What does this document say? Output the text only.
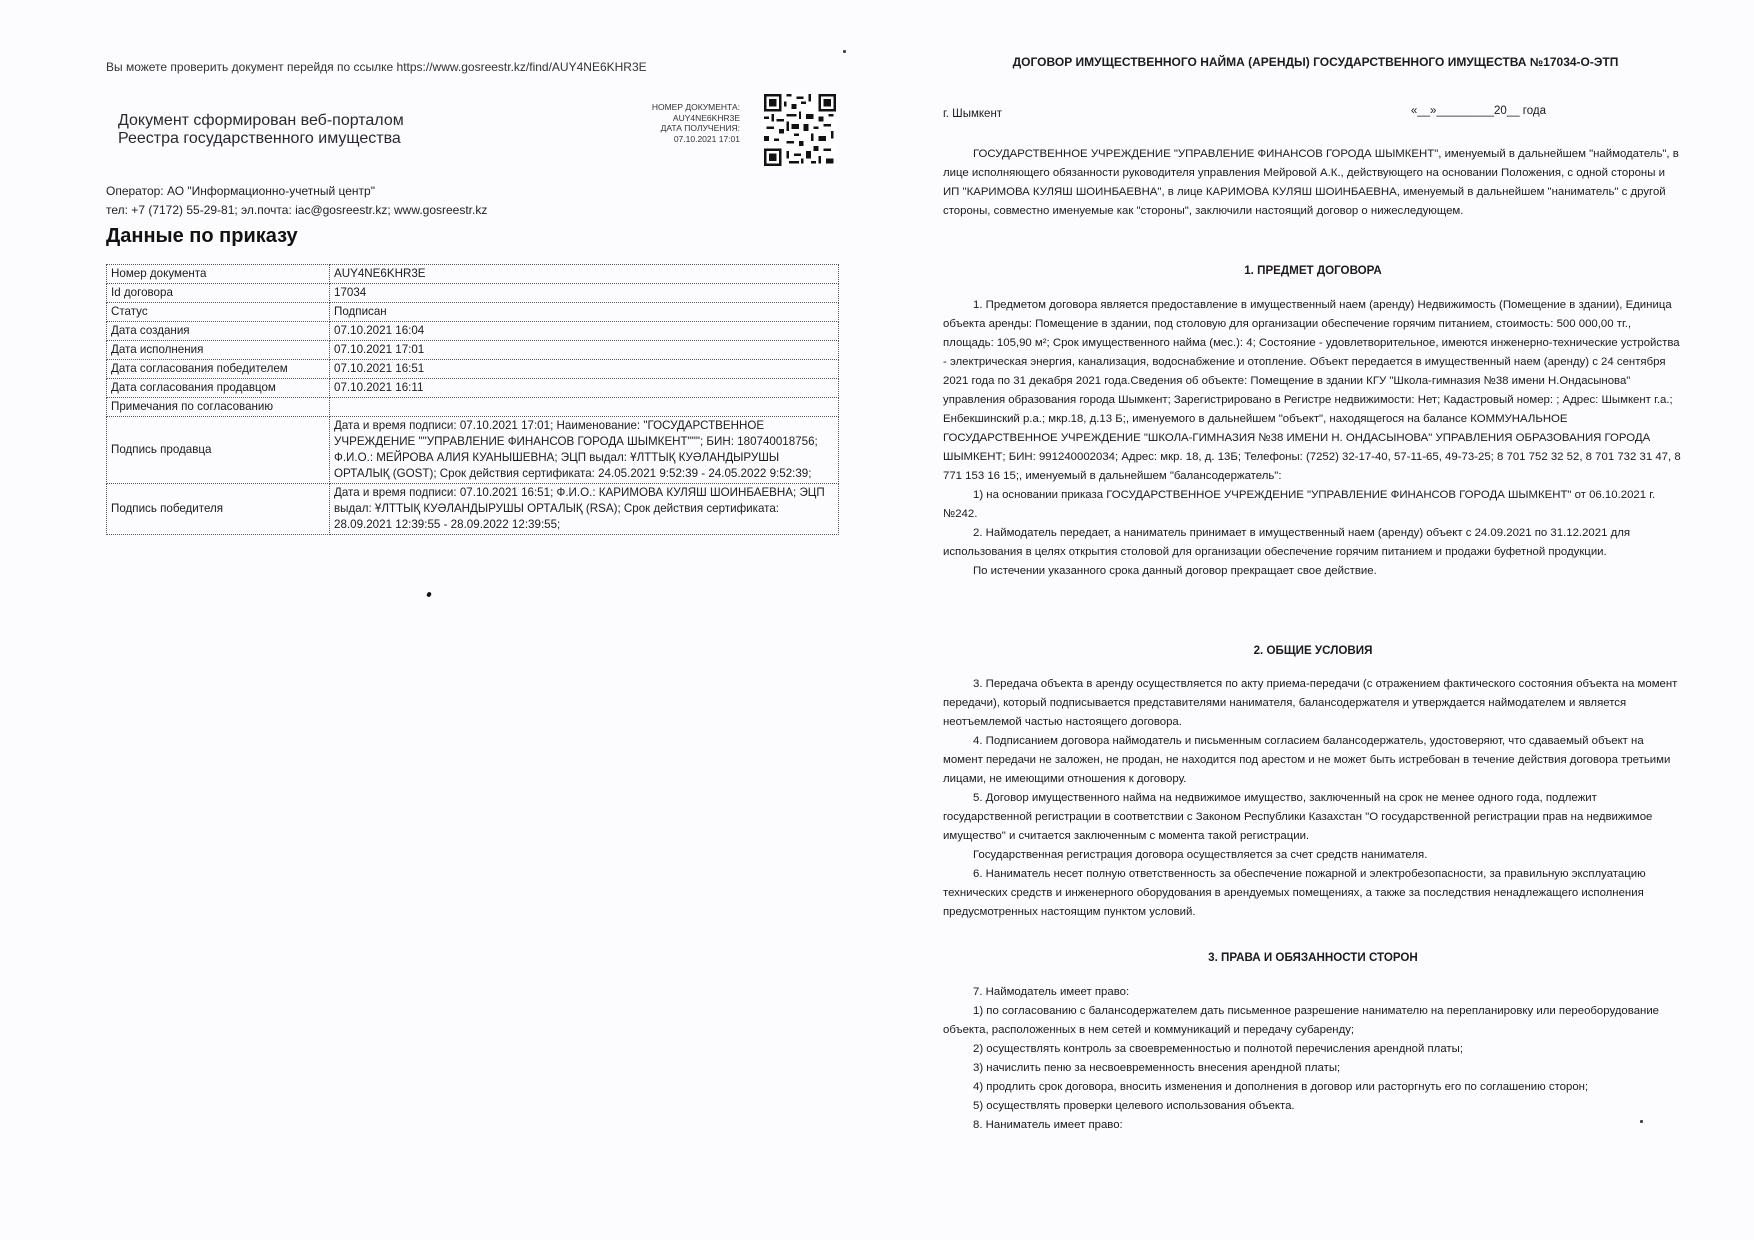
Вы можете проверить документ перейдя по ссылке https://www.gosreestr.kz/find/AUY4NE6KHR3E
Документ сформирован веб-порталом
Реестра государственного имущества
НОМЕР ДОКУМЕНТА:
AUY4NE6KHR3E
ДАТА ПОЛУЧЕНИЯ:
07.10.2021 17:01
Оператор: АО "Информационно-учетный центр"
тел: +7 (7172) 55-29-81; эл.почта: iac@gosreestr.kz; www.gosreestr.kz
Данные по приказу
Номер документа	AUY4NE6KHR3E
Id договора	17034
Статус	Подписан
Дата создания	07.10.2021 16:04
Дата исполнения	07.10.2021 17:01
Дата согласования победителем	07.10.2021 16:51
Дата согласования продавцом	07.10.2021 16:11
Примечания по согласованию	
Подпись продавца	Дата и время подписи: 07.10.2021 17:01; Наименование: "ГОСУДАРСТВЕННОЕ УЧРЕЖДЕНИЕ ""УПРАВЛЕНИЕ ФИНАНСОВ ГОРОДА ШЫМКЕНТ"""; БИН: 180740018756; Ф.И.О.: МЕЙРОВА АЛИЯ КУАНЫШЕВНА; ЭЦП выдал: ҰЛТТЫҚ КУӘЛАНДЫРУШЫ ОРТАЛЫҚ (GOST); Срок действия сертификата: 24.05.2021 9:52:39 - 24.05.2022 9:52:39;
Подпись победителя	Дата и время подписи: 07.10.2021 16:51; Ф.И.О.: КАРИМОВА КУЛЯШ ШОИНБАЕВНА; ЭЦП выдал: ҰЛТТЫҚ КУӘЛАНДЫРУШЫ ОРТАЛЫҚ (RSA); Срок действия сертификата: 28.09.2021 12:39:55 - 28.09.2022 12:39:55;
ДОГОВОР ИМУЩЕСТВЕННОГО НАЙМА (АРЕНДЫ) ГОСУДАРСТВЕННОГО ИМУЩЕСТВА №17034-О-ЭТП
г. Шымкент	«__»_________20__ года

ГОСУДАРСТВЕННОЕ УЧРЕЖДЕНИЕ "УПРАВЛЕНИЕ ФИНАНСОВ ГОРОДА ШЫМКЕНТ", именуемый в дальнейшем "наймодатель", в лице исполняющего обязанности руководителя управления Мейровой А.К., действующего на основании Положения, с одной стороны и ИП "КАРИМОВА КУЛЯШ ШОИНБАЕВНА", в лице КАРИМОВА КУЛЯШ ШОИНБАЕВНА, именуемый в дальнейшем "наниматель" с другой стороны, совместно именуемые как "стороны", заключили настоящий договор о нижеследующем.

1. ПРЕДМЕТ ДОГОВОРА

1. Предметом договора является предоставление в имущественный наем (аренду) Недвижимость (Помещение в здании), Единица объекта аренды: Помещение в здании, под столовую для организации обеспечение горячим питанием, стоимость: 500 000,00 тг., площадь: 105,90 м²; Срок имущественного найма (мес.): 4; Состояние - удовлетворительное, имеются инженерно-технические устройства - электрическая энергия, канализация, водоснабжение и отопление. Объект передается в имущественный наем (аренду) с 24 сентября 2021 года по 31 декабря 2021 года.Сведения об объекте: Помещение в здании КГУ "Школа-гимназия №38 имени Н.Ондасынова" управления образования города Шымкент; Зарегистрировано в Регистре недвижимости: Нет; Кадастровый номер: ; Адрес: Шымкент г.а.; Енбекшинский р.а.; мкр.18, д.13 Б;, именуемого в дальнейшем "объект", находящегося на балансе КОММУНАЛЬНОЕ ГОСУДАРСТВЕННОЕ УЧРЕЖДЕНИЕ "ШКОЛА-ГИМНАЗИЯ №38 ИМЕНИ Н. ОНДАСЫНОВА" УПРАВЛЕНИЯ ОБРАЗОВАНИЯ ГОРОДА ШЫМКЕНТ; БИН: 991240002034; Адрес: мкр. 18, д. 13Б; Телефоны: (7252) 32-17-40, 57-11-65, 49-73-25; 8 701 752 32 52, 8 701 732 31 47, 8 771 153 16 15;, именуемый в дальнейшем "балансодержатель":

1) на основании приказа ГОСУДАРСТВЕННОЕ УЧРЕЖДЕНИЕ "УПРАВЛЕНИЕ ФИНАНСОВ ГОРОДА ШЫМКЕНТ" от 06.10.2021 г. №242.

2. Наймодатель передает, а наниматель принимает в имущественный наем (аренду) объект с 24.09.2021 по 31.12.2021 для использования в целях открытия столовой для организации обеспечение горячим питанием и продажи буфетной продукции.

По истечении указанного срока данный договор прекращает свое действие.

2. ОБЩИЕ УСЛОВИЯ

3. Передача объекта в аренду осуществляется по акту приема-передачи (с отражением фактического состояния объекта на момент передачи), который подписывается представителями нанимателя, балансодержателя и утверждается наймодателем и является неотъемлемой частью настоящего договора.

4. Подписанием договора наймодатель и письменным согласием балансодержатель, удостоверяют, что сдаваемый объект на момент передачи не заложен, не продан, не находится под арестом и не может быть истребован в течение действия договора третьими лицами, не имеющими отношения к договору.

5. Договор имущественного найма на недвижимое имущество, заключенный на срок не менее одного года, подлежит государственной регистрации в соответствии с Законом Республики Казахстан "О государственной регистрации прав на недвижимое имущество" и считается заключенным с момента такой регистрации.

Государственная регистрация договора осуществляется за счет средств нанимателя.

6. Наниматель несет полную ответственность за обеспечение пожарной и электробезопасности, за правильную эксплуатацию технических средств и инженерного оборудования в арендуемых помещениях, а также за последствия ненадлежащего исполнения предусмотренных настоящим пунктом условий.

3. ПРАВА И ОБЯЗАННОСТИ СТОРОН

7. Наймодатель имеет право:

1) по согласованию с балансодержателем дать письменное разрешение нанимателю на перепланировку или переоборудование объекта, расположенных в нем сетей и коммуникаций и передачу субаренду;

2) осуществлять контроль за своевременностью и полнотой перечисления арендной платы;

3) начислить пеню за несвоевременность внесения арендной платы;

4) продлить срок договора, вносить изменения и дополнения в договор или расторгнуть его по соглашению сторон;

5) осуществлять проверки целевого использования объекта.

8. Наниматель имеет право:
